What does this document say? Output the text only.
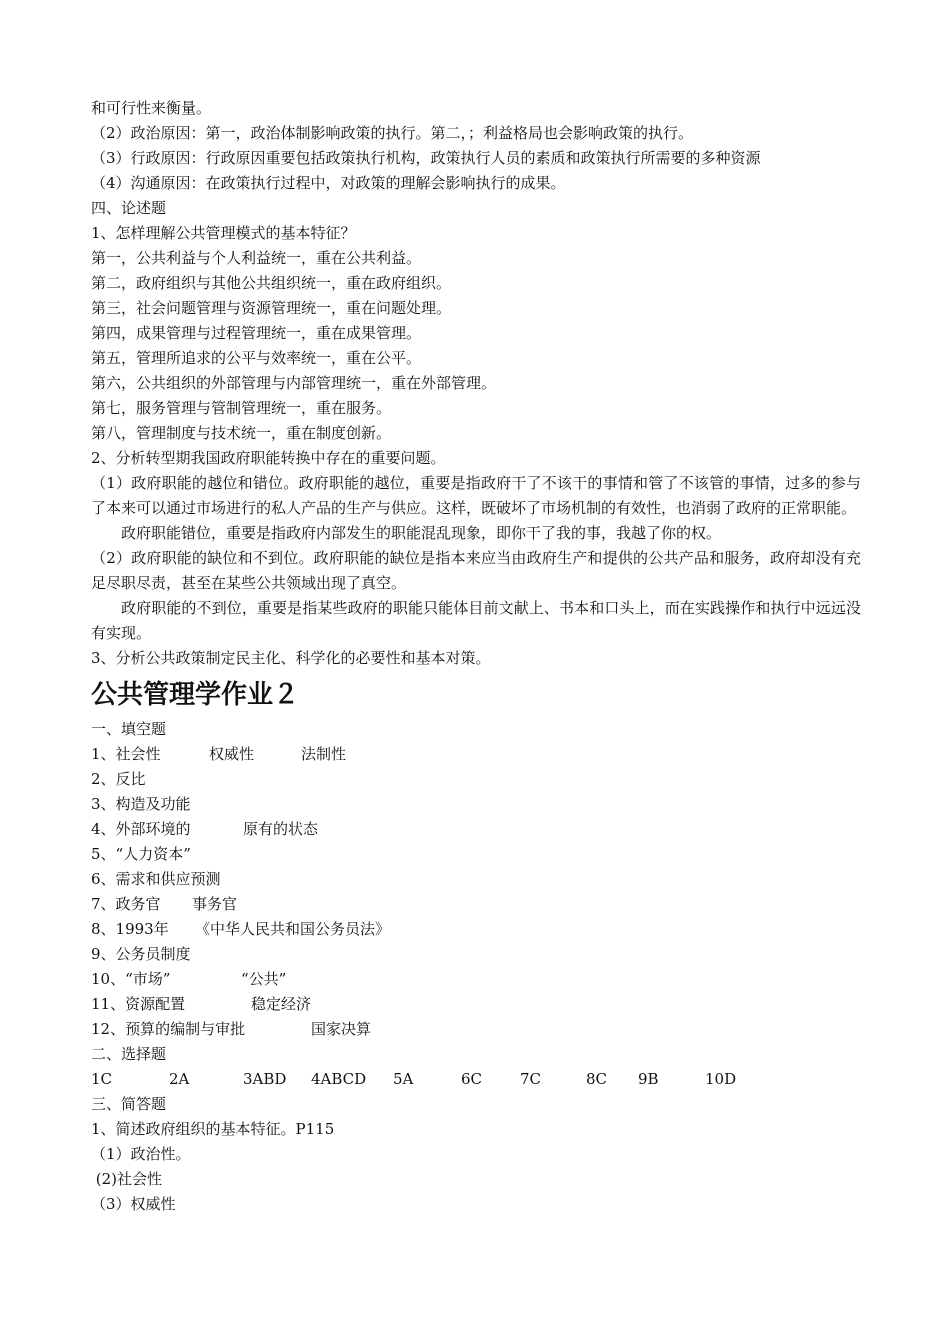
和可行性来衡量。
（2）政治原因：第一，政治体制影响政策的执行。第二，；利益格局也会影响政策的执行。
（3）行政原因：行政原因重要包括政策执行机构，政策执行人员的素质和政策执行所需要的多种资源
（4）沟通原因：在政策执行过程中，对政策的理解会影响执行的成果。
四、论述题
1、怎样理解公共管理模式的基本特征？
第一，公共利益与个人利益统一，重在公共利益。
第二，政府组织与其他公共组织统一，重在政府组织。
第三，社会问题管理与资源管理统一，重在问题处理。
第四，成果管理与过程管理统一，重在成果管理。
第五，管理所追求的公平与效率统一，重在公平。
第六，公共组织的外部管理与内部管理统一，重在外部管理。
第七，服务管理与管制管理统一，重在服务。
第八，管理制度与技术统一，重在制度创新。
2、分析转型期我国政府职能转换中存在的重要问题。
（1）政府职能的越位和错位。政府职能的越位，重要是指政府干了不该干的事情和管了不该管的事情，过多的参与了本来可以通过市场进行的私人产品的生产与供应。这样，既破坏了市场机制的有效性，也消弱了政府的正常职能。
政府职能错位，重要是指政府内部发生的职能混乱现象，即你干了我的事，我越了你的权。
（2）政府职能的缺位和不到位。政府职能的缺位是指本来应当由政府生产和提供的公共产品和服务，政府却没有充足尽职尽责，甚至在某些公共领域出现了真空。
政府职能的不到位，重要是指某些政府的职能只能体目前文献上、书本和口头上，而在实践操作和执行中远远没有实现。
3、分析公共政策制定民主化、科学化的必要性和基本对策。
公共管理学作业２
一、填空题
1、社会性	权威性	法制性
2、反比
3、构造及功能
4、外部环境的	原有的状态
5、“人力资本”
6、需求和供应预测
7、政务官 事务官
8、1993年 《中华人民共和国公务员法》
9、公务员制度
10、“市场”	“公共”
11、资源配置	稳定经济
12、预算的编制与审批	国家决算
二、选择题
1C	2A	3ABD 4ABCD 5A	6C	7C	8C 9B	10D
三、简答题
1、简述政府组织的基本特征。P115
（1）政治性。
(2)社会性
（3）权威性
